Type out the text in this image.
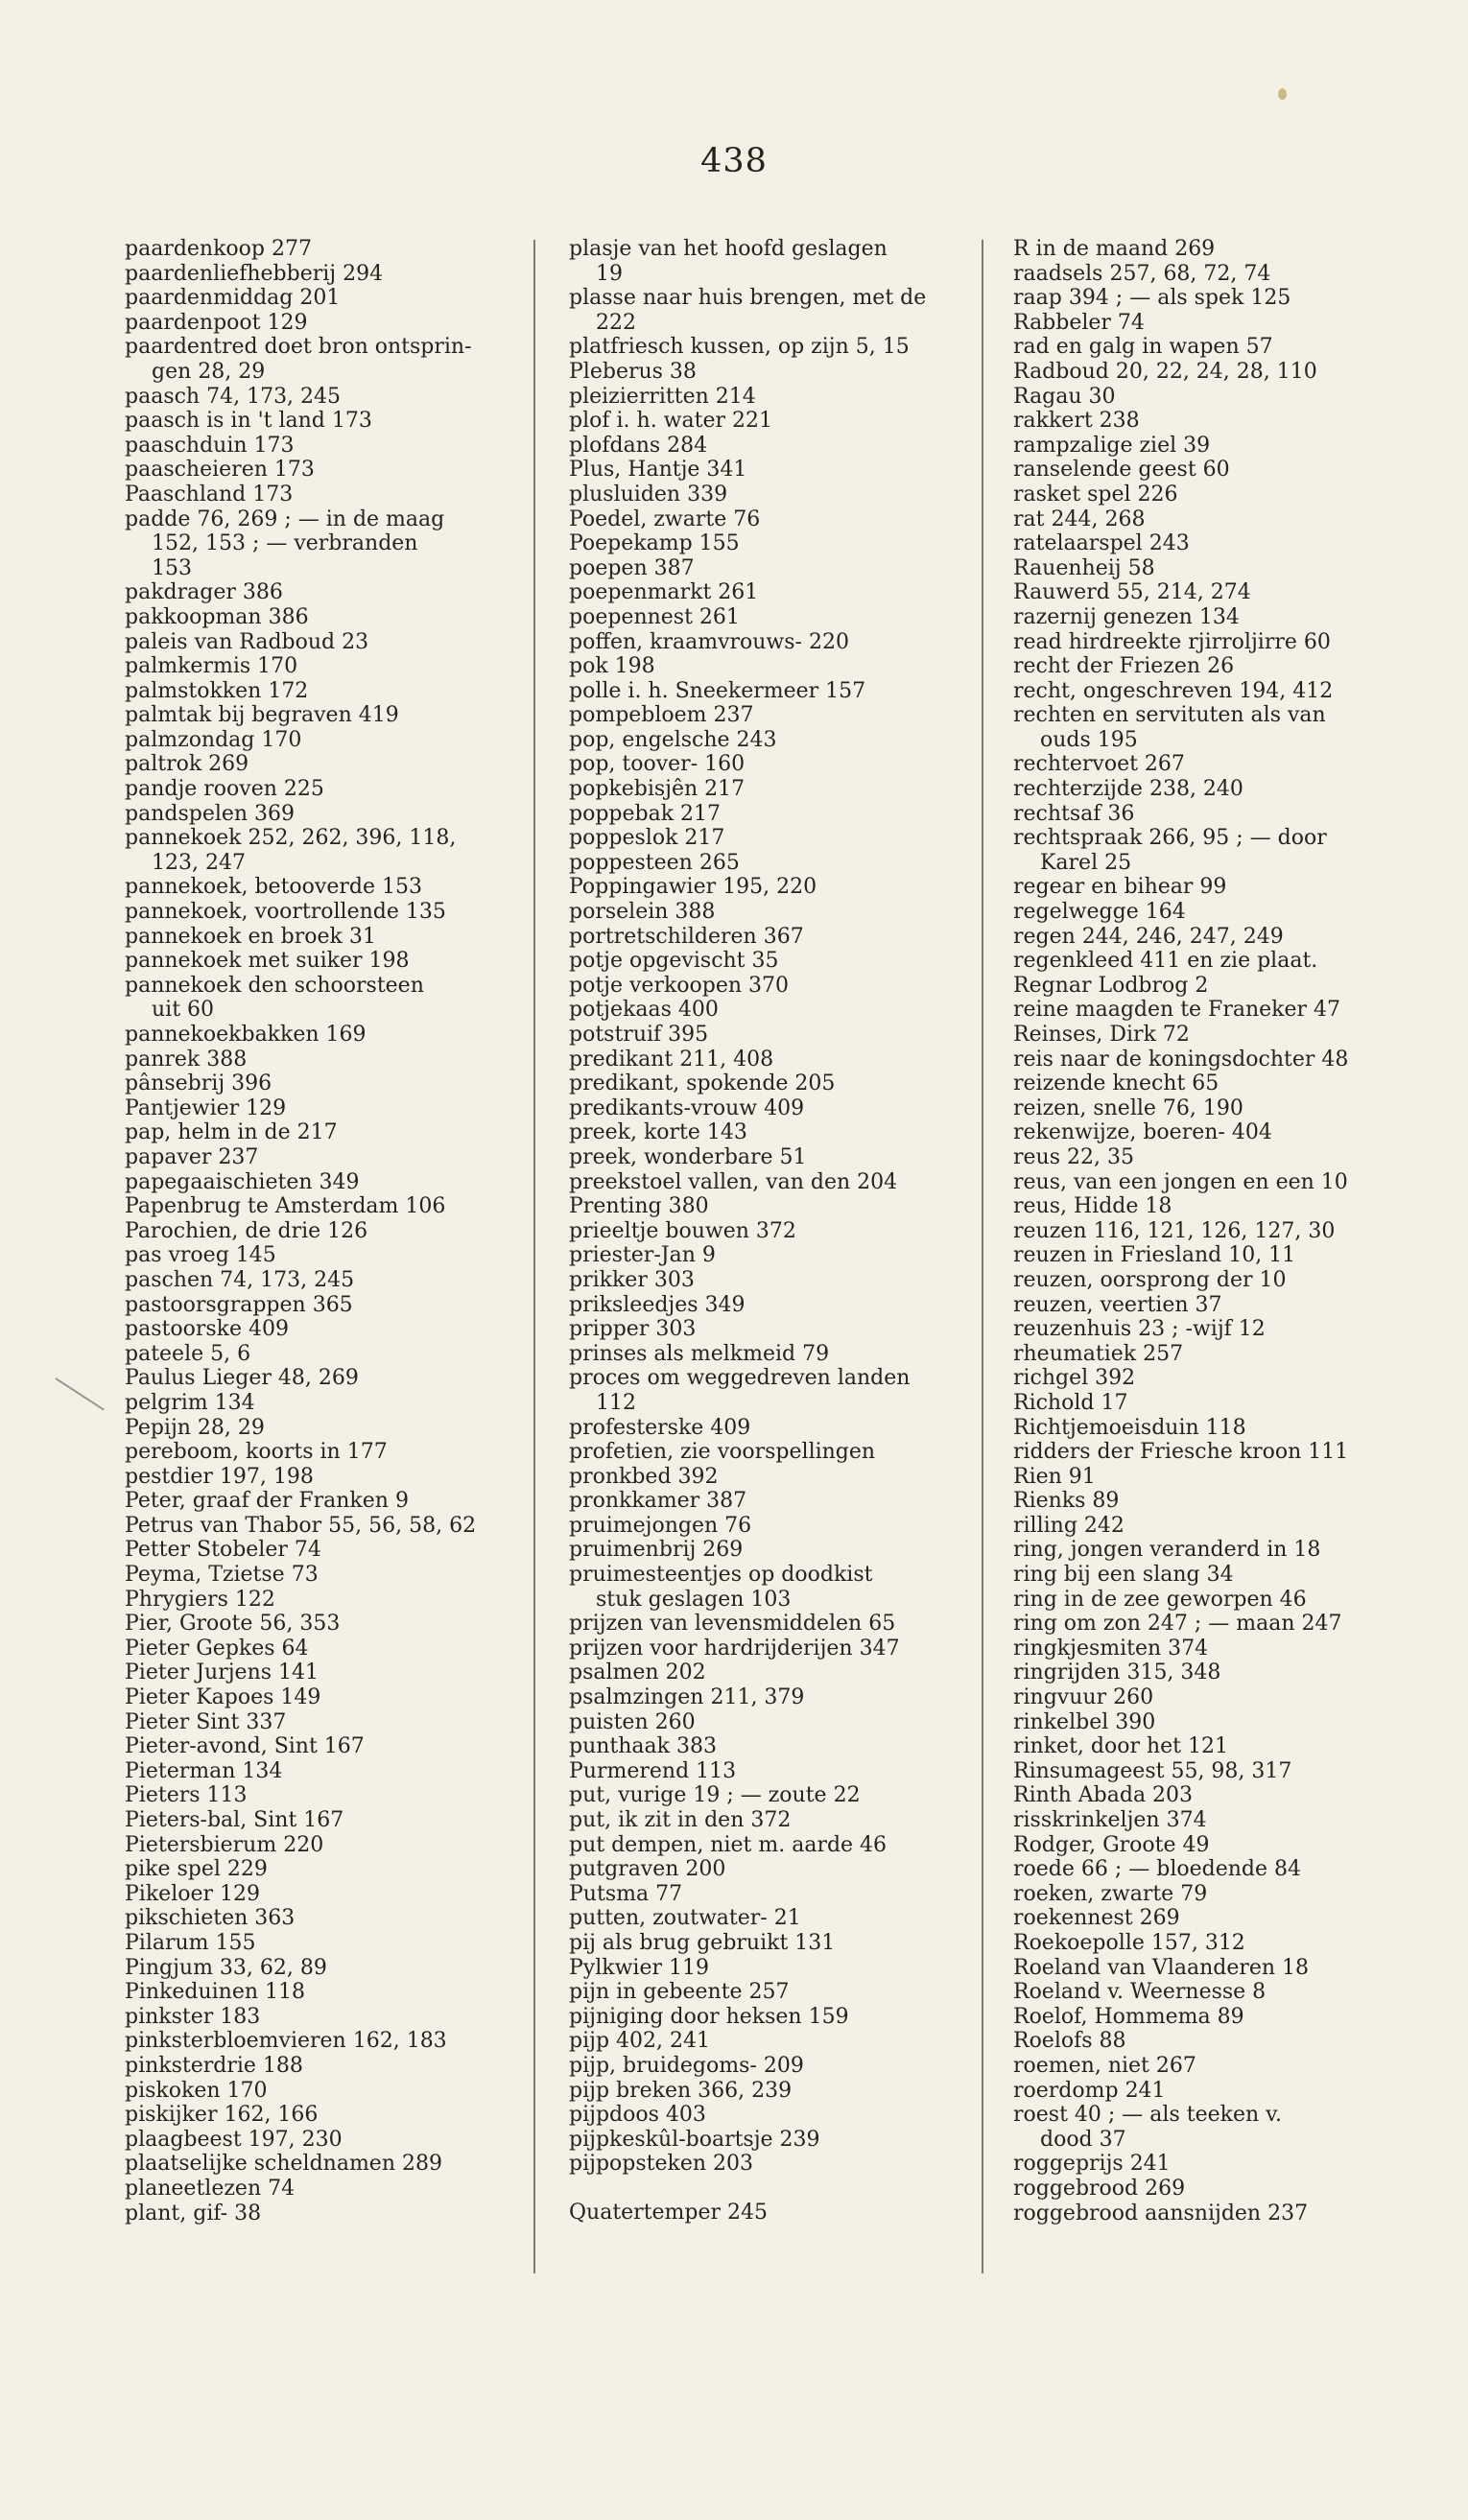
438
paardenkoop 277
paardenliefhebberij 294
paardenmiddag 201
paardenpoot 129
paardentred doet bron ontsprin-
gen 28, 29
paasch 74, 173, 245
paasch is in 't land 173
paaschduin 173
paascheieren 173
Paaschland 173
padde 76, 269 ; — in de maag
152, 153 ; — verbranden
153
pakdrager 386
pakkoopman 386
paleis van Radboud 23
palmkermis 170
palmstokken 172
palmtak bij begraven 419
palmzondag 170
paltrok 269
pandje rooven 225
pandspelen 369
pannekoek 252, 262, 396, 118,
123, 247
pannekoek, betooverde 153
pannekoek, voortrollende 135
pannekoek en broek 31
pannekoek met suiker 198
pannekoek den schoorsteen
uit 60
pannekoekbakken 169
panrek 388
pânsebrij 396
Pantjewier 129
pap, helm in de 217
papaver 237
papegaaischieten 349
Papenbrug te Amsterdam 106
Parochien, de drie 126
pas vroeg 145
paschen 74, 173, 245
pastoorsgrappen 365
pastoorske 409
pateele 5, 6
Paulus Lieger 48, 269
pelgrim 134
Pepijn 28, 29
pereboom, koorts in 177
pestdier 197, 198
Peter, graaf der Franken 9
Petrus van Thabor 55, 56, 58, 62
Petter Stobeler 74
Peyma, Tzietse 73
Phrygiers 122
Pier, Groote 56, 353
Pieter Gepkes 64
Pieter Jurjens 141
Pieter Kapoes 149
Pieter Sint 337
Pieter-avond, Sint 167
Pieterman 134
Pieters 113
Pieters-bal, Sint 167
Pietersbierum 220
pike spel 229
Pikeloer 129
pikschieten 363
Pilarum 155
Pingjum 33, 62, 89
Pinkeduinen 118
pinkster 183
pinksterbloemvieren 162, 183
pinksterdrie 188
piskoken 170
piskijker 162, 166
plaagbeest 197, 230
plaatselijke scheldnamen 289
planeetlezen 74
plant, gif- 38
plasje van het hoofd geslagen
19
plasse naar huis brengen, met de
222
platfriesch kussen, op zijn 5, 15
Pleberus 38
pleizierritten 214
plof i. h. water 221
plofdans 284
Plus, Hantje 341
plusluiden 339
Poedel, zwarte 76
Poepekamp 155
poepen 387
poepenmarkt 261
poepennest 261
poffen, kraamvrouws- 220
pok 198
polle i. h. Sneekermeer 157
pompebloem 237
pop, engelsche 243
pop, toover- 160
popkebisjên 217
poppebak 217
poppeslok 217
poppesteen 265
Poppingawier 195, 220
porselein 388
portretschilderen 367
potje opgevischt 35
potje verkoopen 370
potjekaas 400
potstruif 395
predikant 211, 408
predikant, spokende 205
predikants-vrouw 409
preek, korte 143
preek, wonderbare 51
preekstoel vallen, van den 204
Prenting 380
prieeltje bouwen 372
priester-Jan 9
prikker 303
priksleedjes 349
pripper 303
prinses als melkmeid 79
proces om weggedreven landen
112
profesterske 409
profetien, zie voorspellingen
pronkbed 392
pronkkamer 387
pruimejongen 76
pruimenbrij 269
pruimesteentjes op doodkist
stuk geslagen 103
prijzen van levensmiddelen 65
prijzen voor hardrijderijen 347
psalmen 202
psalmzingen 211, 379
puisten 260
punthaak 383
Purmerend 113
put, vurige 19 ; — zoute 22
put, ik zit in den 372
put dempen, niet m. aarde 46
putgraven 200
Putsma 77
putten, zoutwater- 21
pij als brug gebruikt 131
Pylkwier 119
pijn in gebeente 257
pijniging door heksen 159
pijp 402, 241
pijp, bruidegoms- 209
pijp breken 366, 239
pijpdoos 403
pijpkeskûl-boartsje 239
pijpopsteken 203
Quatertemper 245
R in de maand 269
raadsels 257, 68, 72, 74
raap 394 ; — als spek 125
Rabbeler 74
rad en galg in wapen 57
Radboud 20, 22, 24, 28, 110
Ragau 30
rakkert 238
rampzalige ziel 39
ranselende geest 60
rasket spel 226
rat 244, 268
ratelaarspel 243
Rauenheij 58
Rauwerd 55, 214, 274
razernij genezen 134
read hirdreekte rjirroljirre 60
recht der Friezen 26
recht, ongeschreven 194, 412
rechten en servituten als van
ouds 195
rechtervoet 267
rechterzijde 238, 240
rechtsaf 36
rechtspraak 266, 95 ; — door
Karel 25
regear en bihear 99
regelwegge 164
regen 244, 246, 247, 249
regenkleed 411 en zie plaat.
Regnar Lodbrog 2
reine maagden te Franeker 47
Reinses, Dirk 72
reis naar de koningsdochter 48
reizende knecht 65
reizen, snelle 76, 190
rekenwijze, boeren- 404
reus 22, 35
reus, van een jongen en een 10
reus, Hidde 18
reuzen 116, 121, 126, 127, 30
reuzen in Friesland 10, 11
reuzen, oorsprong der 10
reuzen, veertien 37
reuzenhuis 23 ; -wijf 12
rheumatiek 257
richgel 392
Richold 17
Richtjemoeisduin 118
ridders der Friesche kroon 111
Rien 91
Rienks 89
rilling 242
ring, jongen veranderd in 18
ring bij een slang 34
ring in de zee geworpen 46
ring om zon 247 ; — maan 247
ringkjesmiten 374
ringrijden 315, 348
ringvuur 260
rinkelbel 390
rinket, door het 121
Rinsumageest 55, 98, 317
Rinth Abada 203
risskrinkeljen 374
Rodger, Groote 49
roede 66 ; — bloedende 84
roeken, zwarte 79
roekennest 269
Roekoepolle 157, 312
Roeland van Vlaanderen 18
Roeland v. Weernesse 8
Roelof, Hommema 89
Roelofs 88
roemen, niet 267
roerdomp 241
roest 40 ; — als teeken v.
dood 37
roggeprijs 241
roggebrood 269
roggebrood aansnijden 237
